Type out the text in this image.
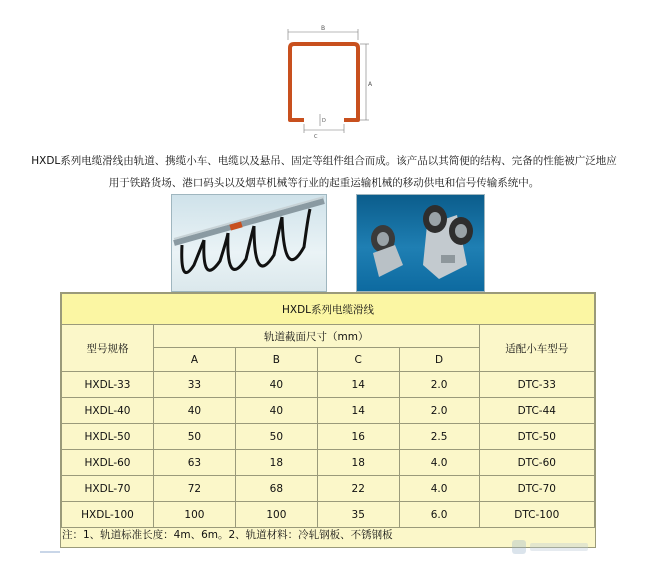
B
A
D
C
HXDL系列电缆滑线由轨道、携缆小车、电缆以及悬吊、固定等组件组合而成。该产品以其简便的结构、完备的性能被广泛地应
用于铁路货场、港口码头以及烟草机械等行业的起重运输机械的移动供电和信号传输系统中。
HXDL系列电缆滑线					
型号规格	轨道截面尺寸（mm）				适配小车型号
	A	B	C	D	
HXDL-33	33	40	14	2.0	DTC-33
HXDL-40	40	40	14	2.0	DTC-44
HXDL-50	50	50	16	2.5	DTC-50
HXDL-60	63	18	18	4.0	DTC-60
HXDL-70	72	68	22	4.0	DTC-70
HXDL-100	100	100	35	6.0	DTC-100
注：1、轨道标准长度：4m、6m。2、轨道材料：冷轧钢板、不锈钢板
